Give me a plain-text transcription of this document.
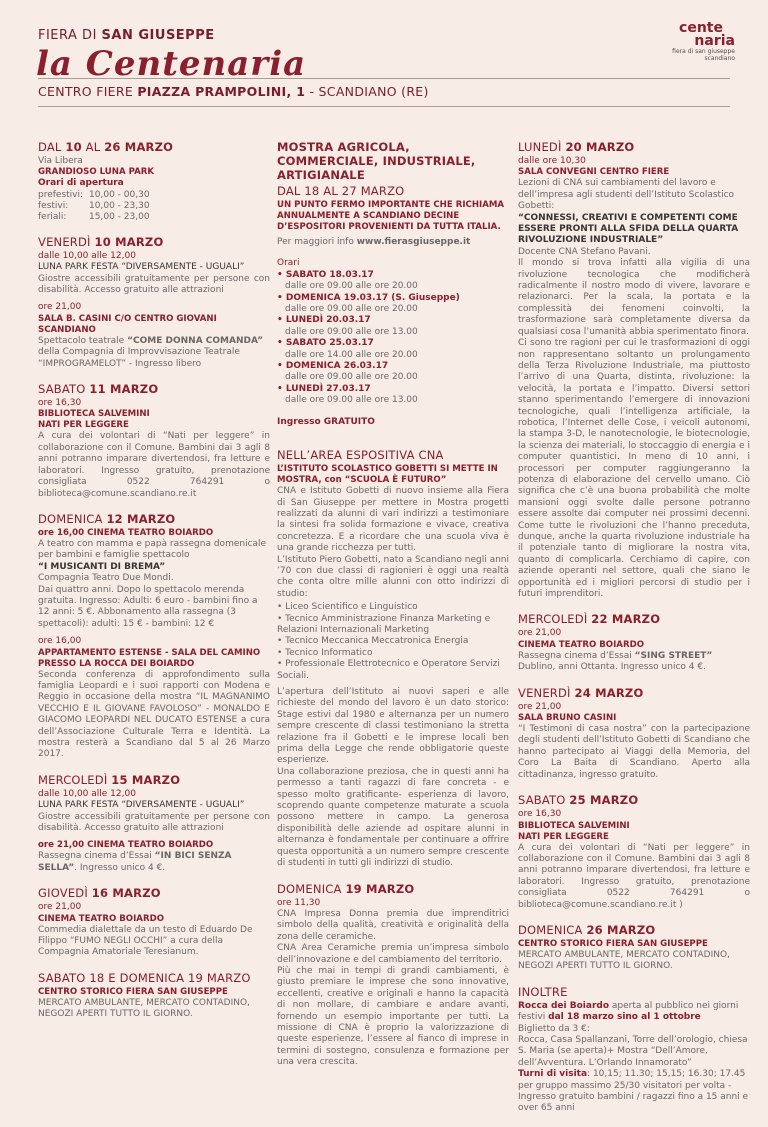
FIERA DI SAN GIUSEPPE
la Centenaria
cente
naria
fiera di san giuseppe
scandiano
CENTRO FIERE PIAZZA PRAMPOLINI, 1 - SCANDIANO (RE)
DAL 10 AL 26 MARZO
Via Libera
GRANDIOSO LUNA PARK
Orari di apertura
prefestivi:	10,00 - 00,30
festivi:	10,00 - 23,30
feriali:	15,00 - 23,00
VENERDÌ 10 MARZO
dalle 10,00 alle 12,00
LUNA PARK FESTA “DIVERSAMENTE - UGUALI”
Giostre accessibili gratuitamente per persone con disabilità. Accesso gratuito alle attrazioni
ore 21,00
SALA B. CASINI C/O CENTRO GIOVANI SCANDIANO
Spettacolo teatrale “COME DONNA COMANDA” della Compagnia di Improvvisazione Teatrale “IMPROGRAMELOT” - Ingresso libero
SABATO 11 MARZO
ore 16,30
BIBLIOTECA SALVEMINI
NATI PER LEGGERE
A cura dei volontari di “Nati per leggere” in collaborazione con il Comune. Bambini dai 3 agli 8 anni potranno imparare divertendosi, fra letture e laboratori. Ingresso gratuito, prenotazione consigliata 0522 764291 o biblioteca@comune.scandiano.re.it
DOMENICA 12 MARZO
ore 16,00 CINEMA TEATRO BOIARDO
A teatro con mamma e papà rassegna domenicale per bambini e famiglie spettacolo
“I MUSICANTI DI BREMA”
Compagnia Teatro Due Mondi.
Dai quattro anni. Dopo lo spettacolo merenda gratuita. Ingresso: Adulti: 6 euro - bambini fino a 12 anni: 5 €. Abbonamento alla rassegna (3 spettacoli): adulti: 15 € - bambini: 12 €
ore 16,00
APPARTAMENTO ESTENSE - SALA DEL CAMINO PRESSO LA ROCCA DEI BOIARDO
Seconda conferenza di approfondimento sulla famiglia Leopardi e i suoi rapporti con Modena e Reggio in occasione della mostra “IL MAGNANIMO VECCHIO E IL GIOVANE FAVOLOSO” - MONALDO E GIACOMO LEOPARDI NEL DUCATO ESTENSE a cura dell’Associazione Culturale Terra e Identità. La mostra resterà a Scandiano dal 5 al 26 Marzo 2017.
MERCOLEDÌ 15 MARZO
dalle 10,00 alle 12,00
LUNA PARK FESTA “DIVERSAMENTE - UGUALI”
Giostre accessibili gratuitamente per persone con disabilità. Accesso gratuito alle attrazioni
ore 21,00 CINEMA TEATRO BOIARDO
Rassegna cinema d’Essai “IN BICI SENZA SELLA”. Ingresso unico 4 €.
GIOVEDÌ 16 MARZO
ore 21,00
CINEMA TEATRO BOIARDO
Commedia dialettale da un testo di Eduardo De Filippo “FUMO NEGLI OCCHI” a cura della Compagnia Amatoriale Teresianum.
SABATO 18 E DOMENICA 19 MARZO
CENTRO STORICO FIERA SAN GIUSEPPE
MERCATO AMBULANTE, MERCATO CONTADINO, NEGOZI APERTI TUTTO IL GIORNO.
MOSTRA AGRICOLA, COMMERCIALE, INDUSTRIALE, ARTIGIANALE
DAL 18 AL 27 MARZO
UN PUNTO FERMO IMPORTANTE CHE RICHIAMA ANNUALMENTE A SCANDIANO DECINE D’ESPOSITORI PROVENIENTI DA TUTTA ITALIA.
Per maggiori info www.fierasgiuseppe.it
Orari
• SABATO 18.03.17
dalle ore 09.00 alle ore 20.00
• DOMENICA 19.03.17 (S. Giuseppe)
dalle ore 09.00 alle ore 20.00
• LUNEDÌ 20.03.17
dalle ore 09.00 alle ore 13.00
• SABATO 25.03.17
dalle ore 14.00 alle ore 20.00
• DOMENICA 26.03.17
dalle ore 09.00 alle ore 20.00
• LUNEDÌ 27.03.17
dalle ore 09.00 alle ore 13.00
Ingresso GRATUITO
NELL’AREA ESPOSITIVA CNA
L’ISTITUTO SCOLASTICO GOBETTI SI METTE IN MOSTRA, con “SCUOLA È FUTURO”
CNA e Istituto Gobetti di nuovo insieme alla Fiera di San Giuseppe per mettere in Mostra progetti realizzati da alunni di vari indirizzi a testimoniare la sintesi fra solida formazione e vivace, creativa concretezza. E a ricordare che una scuola viva è una grande ricchezza per tutti.
L’Istituto Piero Gobetti, nato a Scandiano negli anni ’70 con due classi di ragionieri è oggi una realtà che conta oltre mille alunni con otto indirizzi di studio:
• Liceo Scientifico e Linguistico
• Tecnico Amministrazione Finanza Marketing e Relazioni Internazionali Marketing
• Tecnico Meccanica Meccatronica Energia
• Tecnico Informatico
• Professionale Elettrotecnico e Operatore Servizi Sociali.
L’apertura dell’Istituto ai nuovi saperi e alle richieste del mondo del lavoro è un dato storico: Stage estivi dal 1980 e alternanza per un numero sempre crescente di classi testimoniano la stretta relazione fra il Gobetti e le imprese locali ben prima della Legge che rende obbligatorie queste esperienze.
Una collaborazione preziosa, che in questi anni ha permesso a tanti ragazzi di fare concreta - e spesso molto gratificante- esperienza di lavoro, scoprendo quante competenze maturate a scuola possono mettere in campo. La generosa disponibilità delle aziende ad ospitare alunni in alternanza è fondamentale per continuare a offrire questa opportunità a un numero sempre crescente di studenti in tutti gli indirizzi di studio.
DOMENICA 19 MARZO
ore 11,30
CNA Impresa Donna premia due imprenditrici simbolo della qualità, creatività e originalità della zona delle ceramiche.
CNA Area Ceramiche premia un’impresa simbolo dell’innovazione e del cambiamento del territorio.
Più che mai in tempi di grandi cambiamenti, è giusto premiare le imprese che sono innovative, eccellenti, creative e originali e hanno la capacità di non mollare, di cambiare e andare avanti, fornendo un esempio importante per tutti. La missione di CNA è proprio la valorizzazione di queste esperienze, l’essere al fianco di imprese in termini di sostegno, consulenza e formazione per una vera crescita.
LUNEDÌ 20 MARZO
dalle ore 10,30
SALA CONVEGNI CENTRO FIERE
Lezioni di CNA sui cambiamenti del lavoro e dell’impresa agli studenti dell’Istituto Scolastico Gobetti:
“CONNESSI, CREATIVI E COMPETENTI COME ESSERE PRONTI ALLA SFIDA DELLA QUARTA RIVOLUZIONE INDUSTRIALE”
Docente CNA Stefano Pavani.
Il mondo si trova infatti alla vigilia di una rivoluzione tecnologica che modificherà radicalmente il nostro modo di vivere, lavorare e relazionarci. Per la scala, la portata e la complessità dei fenomeni coinvolti, la trasformazione sarà completamente diversa da qualsiasi cosa l’umanità abbia sperimentato finora.
Ci sono tre ragioni per cui le trasformazioni di oggi non rappresentano soltanto un prolungamento della Terza Rivoluzione Industriale, ma piuttosto l’arrivo di una Quarta, distinta, rivoluzione: la velocità, la portata e l’impatto. Diversi settori stanno sperimentando l’emergere di innovazioni tecnologiche, quali l’intelligenza artificiale, la robotica, l’Internet delle Cose, i veicoli autonomi, la stampa 3-D, le nanotecnologie, le biotecnologie, la scienza dei materiali, lo stoccaggio di energia e i computer quantistici. In meno di 10 anni, i processori per computer raggiungeranno la potenza di elaborazione del cervello umano. Ciò significa che c’è una buona probabilità che molte mansioni oggi svolte dalle persone potranno essere assolte dai computer nei prossimi decenni. Come tutte le rivoluzioni che l’hanno preceduta, dunque, anche la quarta rivoluzione industriale ha il potenziale tanto di migliorare la nostra vita, quanto di complicarla. Cerchiamo di capire, con aziende operanti nel settore, quali che siano le opportunità ed i migliori percorsi di studio per i futuri imprenditori.
MERCOLEDÌ 22 MARZO
ore 21,00
CINEMA TEATRO BOIARDO
Rassegna cinema d’Essai “SING STREET” Dublino, anni Ottanta. Ingresso unico 4 €.
VENERDÌ 24 MARZO
ore 21,00
SALA BRUNO CASINI
“I Testimoni di casa nostra” con la partecipazione degli studenti dell’Istituto Gobetti di Scandiano che hanno partecipato ai Viaggi della Memoria, del Coro La Baita di Scandiano. Aperto alla cittadinanza, ingresso gratuito.
SABATO 25 MARZO
ore 16,30
BIBLIOTECA SALVEMINI
NATI PER LEGGERE
A cura dei volontari di “Nati per leggere” in collaborazione con il Comune. Bambini dai 3 agli 8 anni potranno imparare divertendosi, fra letture e laboratori. Ingresso gratuito, prenotazione consigliata 0522 764291 o biblioteca@comune.scandiano.re.it )
DOMENICA 26 MARZO
CENTRO STORICO FIERA SAN GIUSEPPE
MERCATO AMBULANTE, MERCATO CONTADINO, NEGOZI APERTI TUTTO IL GIORNO.
INOLTRE
Rocca dei Boiardo aperta al pubblico nei giorni festivi dal 18 marzo sino al 1 ottobre
Biglietto da 3 €:
Rocca, Casa Spallanzani, Torre dell’orologio, chiesa S. Maria (se aperta)+ Mostra “Dell’Amore, dell’Avventura. L’Orlando Innamorato”
Turni di visita: 10,15; 11.30; 15,15; 16.30; 17.45 per gruppo massimo 25/30 visitatori per volta - Ingresso gratuito bambini / ragazzi fino a 15 anni e over 65 anni
